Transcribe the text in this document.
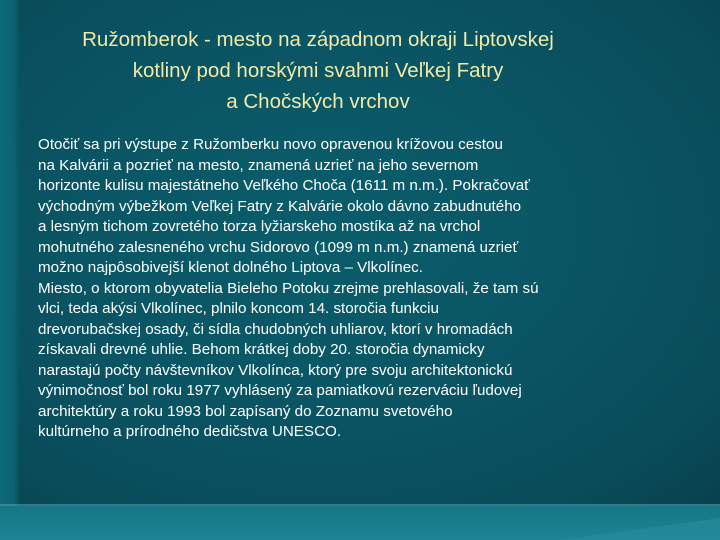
Ružomberok - mesto na západnom okraji Liptovskej
kotliny pod horskými svahmi Veľkej Fatry
a Chočských vrchov
Otočiť sa pri výstupe z Ružomberku novo opravenou krížovou cestou
na Kalvárii a pozrieť na mesto, znamená uzrieť na jeho severnom
horizonte kulisu majestátneho Veľkého Choča (1611 m n.m.). Pokračovať
východným výbežkom Veľkej Fatry z Kalvárie okolo dávno zabudnutého
a lesným tichom zovretého torza lyžiarskeho mostíka až na vrchol
mohutného zalesneného vrchu Sidorovo (1099 m n.m.) znamená uzrieť
možno najpôsobivejší klenot dolného Liptova – Vlkolínec.
Miesto, o ktorom obyvatelia Bieleho Potoku zrejme prehlasovali, že tam sú
vlci, teda akýsi Vlkolínec, plnilo koncom 14. storočia funkciu
drevorubačskej osady, či sídla chudobných uhliarov, ktorí v hromadách
získavali drevné uhlie. Behom krátkej doby 20. storočia dynamicky
narastajú počty návštevníkov Vlkolínca, ktorý pre svoju architektonickú
výnimočnosť bol roku 1977 vyhlásený za pamiatkovú rezerváciu ľudovej
architektúry a roku 1993 bol zapísaný do Zoznamu svetového
kultúrneho a prírodného dedičstva UNESCO.
